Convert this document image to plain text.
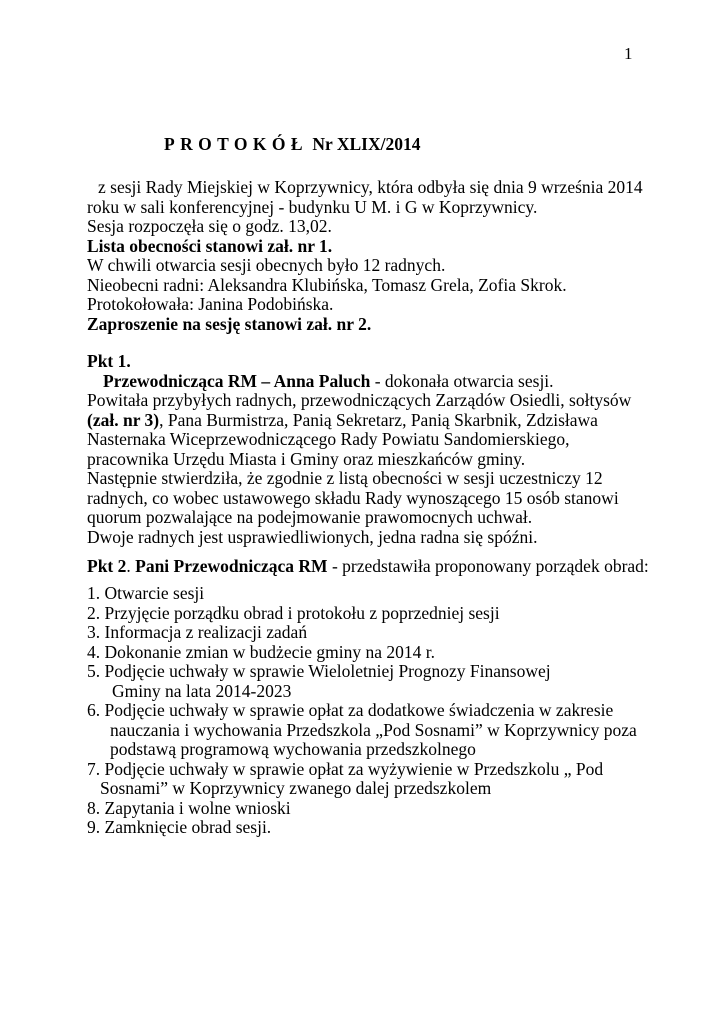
1
PROTOKÓŁ Nr XLIX/2014
z sesji Rady Miejskiej w Koprzywnicy, która odbyła się dnia 9 września 2014
roku w sali konferencyjnej - budynku U M. i G w Koprzywnicy.
Sesja rozpoczęła się o godz. 13,02.
Lista obecności stanowi zał. nr 1.
W chwili otwarcia sesji obecnych było 12 radnych.
Nieobecni radni: Aleksandra Klubińska, Tomasz Grela, Zofia Skrok.
Protokołowała: Janina Podobińska.
Zaproszenie na sesję stanowi zał. nr 2.
Pkt 1.
Przewodnicząca RM – Anna Paluch - dokonała otwarcia sesji.
Powitała przybyłych radnych, przewodniczących Zarządów Osiedli, sołtysów
(zał. nr 3), Pana Burmistrza, Panią Sekretarz, Panią Skarbnik, Zdzisława
Nasternaka Wiceprzewodniczącego Rady Powiatu Sandomierskiego,
pracownika Urzędu Miasta i Gminy oraz mieszkańców gminy.
Następnie stwierdziła, że zgodnie z listą obecności w sesji uczestniczy 12
radnych, co wobec ustawowego składu Rady wynoszącego 15 osób stanowi
quorum pozwalające na podejmowanie prawomocnych uchwał.
Dwoje radnych jest usprawiedliwionych, jedna radna się spóźni.
Pkt 2. Pani Przewodnicząca RM - przedstawiła proponowany porządek obrad:
1. Otwarcie sesji
2. Przyjęcie porządku obrad i protokołu z poprzedniej sesji
3. Informacja z realizacji zadań
4. Dokonanie zmian w budżecie gminy na 2014 r.
5. Podjęcie uchwały w sprawie Wieloletniej Prognozy Finansowej
Gminy na lata 2014-2023
6. Podjęcie uchwały w sprawie opłat za dodatkowe świadczenia w zakresie
nauczania i wychowania Przedszkola „Pod Sosnami” w Koprzywnicy poza
podstawą programową wychowania przedszkolnego
7. Podjęcie uchwały w sprawie opłat za wyżywienie w Przedszkolu „ Pod
Sosnami” w Koprzywnicy zwanego dalej przedszkolem
8. Zapytania i wolne wnioski
9. Zamknięcie obrad sesji.
